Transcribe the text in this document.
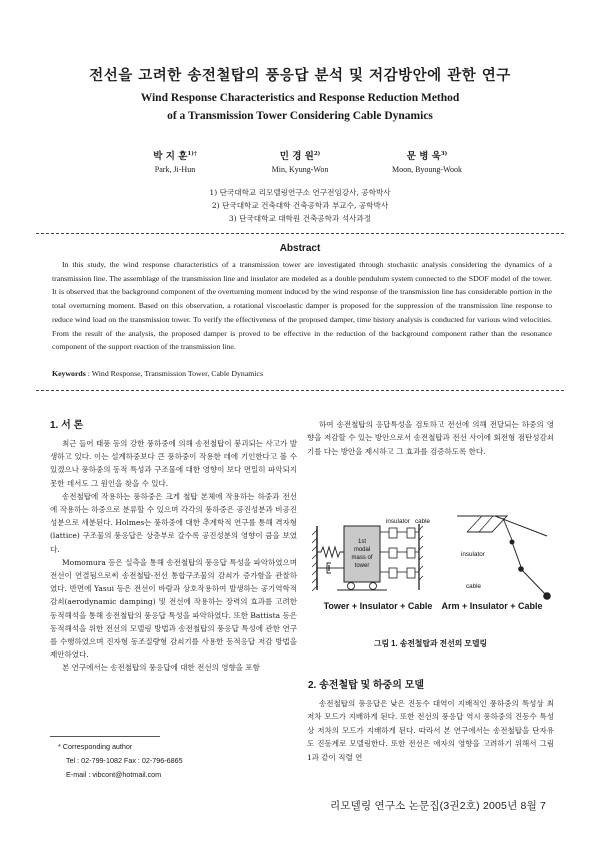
전선을 고려한 송전철탑의 풍응답 분석 및 저감방안에 관한 연구
Wind Response Characteristics and Response Reduction Method
of a Transmission Tower Considering Cable Dynamics
박 지 훈$^{1)\dagger}$
Park, Ji-Hun
민 경 원$^{2)}$
Min, Kyung-Won
문 병 욱$^{3)}$
Moon, Byoung-Wook
1) 단국대학교 리모델링연구소 연구전임강사, 공학박사
2) 단국대학교 건축대학 건축공학과 부교수, 공학박사
3) 단국대학교 대학원 건축공학과 석사과정
Abstract
In this study, the wind response characteristics of a transmission tower are investigated through stochastic analysis considering the dynamics of a transmission line. The assemblage of the transmission line and insulator are modeled as a double pendulum system connected to the SDOF model of the tower. It is observed that the background component of the overturning moment induced by the wind response of the transmission line has considerable portion in the total overturning moment. Based on this observation, a rotational viscoelastic damper is proposed for the suppression of the transmission line response to reduce wind load on the transmission tower. To verify the effectiveness of the proposed damper, time history analysis is conducted for various wind velocities. From the result of the analysis, the proposed damper is proved to be effective in the reduction of the background component rather than the resonance component of the support reaction of the transmission line.
Keywords : Wind Response, Transmission Tower, Cable Dynamics
1. 서 론

최근 들어 태풍 등의 강한 풍하중에 의해 송전철탑이 붕괴되는 사고가 발생하고 있다. 이는 설계하중보다 큰 풍하중이 작용한 데에 기인한다고 볼 수 있겠으나 풍하중의 동적 특성과 구조물에 대한 영향이 보다 면밀히 파악되지 못한 데서도 그 원인을 찾을 수 있다.

송전철탑에 작용하는 풍하중은 크게 철탑 본체에 작용하는 하중과 전선에 작용하는 하중으로 분류할 수 있으며 각각의 풍하중은 공진성분과 비공진 성분으로 세분된다. Holmes는 풍하중에 대한 추계학적 연구를 통해 격자형(lattice) 구조물의 풍응답은 상층부로 갈수록 공진성분의 영향이 큼을 보였다.

Momomura 등은 실측을 통해 송전철탑의 풍응답 특성을 파악하였으며 전선이 연결됨으로써 송전철탑-전선 통합구조물의 감쇠가 증가함을 관찰하였다. 반면에 Yasui 등은 전선이 바람과 상호작용하여 발생하는 공기역학적 감쇠(aerodynamic damping) 및 전선에 작용하는 장력의 효과를 고려한 동적해석을 통해 송전철탑의 풍응답 특성을 파악하였다. 또한 Battista 등은 동적해석을 위한 전선의 모델링 방법과 송전철탑의 풍응답 특성에 관한 연구를 수행하였으며 진자형 동조질량형 감쇠기를 사용한 동적응답 저감 방법을 제안하였다.

본 연구에서는 송전철탑의 풍응답에 대한 전선의 영향을 포함

* Corresponding author
Tel : 02-799-1082 Fax : 02-796-6865
E-mail : vibcont@hotmail.com

하여 송전철탑의 응답특성을 검토하고 전선에 의해 전달되는 하중의 영향을 저감할 수 있는 방안으로서 송전철탑과 전선 사이에 회전형 점탄성감쇠기를 다는 방안을 제시하고 그 효과를 검증하도록 한다.

1st
modal
mass of
tower
insulator cable
insulator
cable
Tower + Insulator + Cable	Arm + Insulator + Cable
그림 1. 송전철탑과 전선의 모델링
2. 송전철탑 및 하중의 모델

송전철탑의 풍응답은 낮은 진동수 대역이 지배적인 풍하중의 특성상 최저차 모드가 지배하게 된다. 또한 전선의 풍응답 역시 풍하중의 진동수 특성상 저차의 모드가 지배하게 된다. 따라서 본 연구에서는 송전철탑을 단자유도 진동계로 모델링한다. 또한 전선은 애자의 영향을 고려하기 위해서 그림 1과 같이 직렬 연

리모델링 연구소 논문집(3권2호) 2005년 8월 7
